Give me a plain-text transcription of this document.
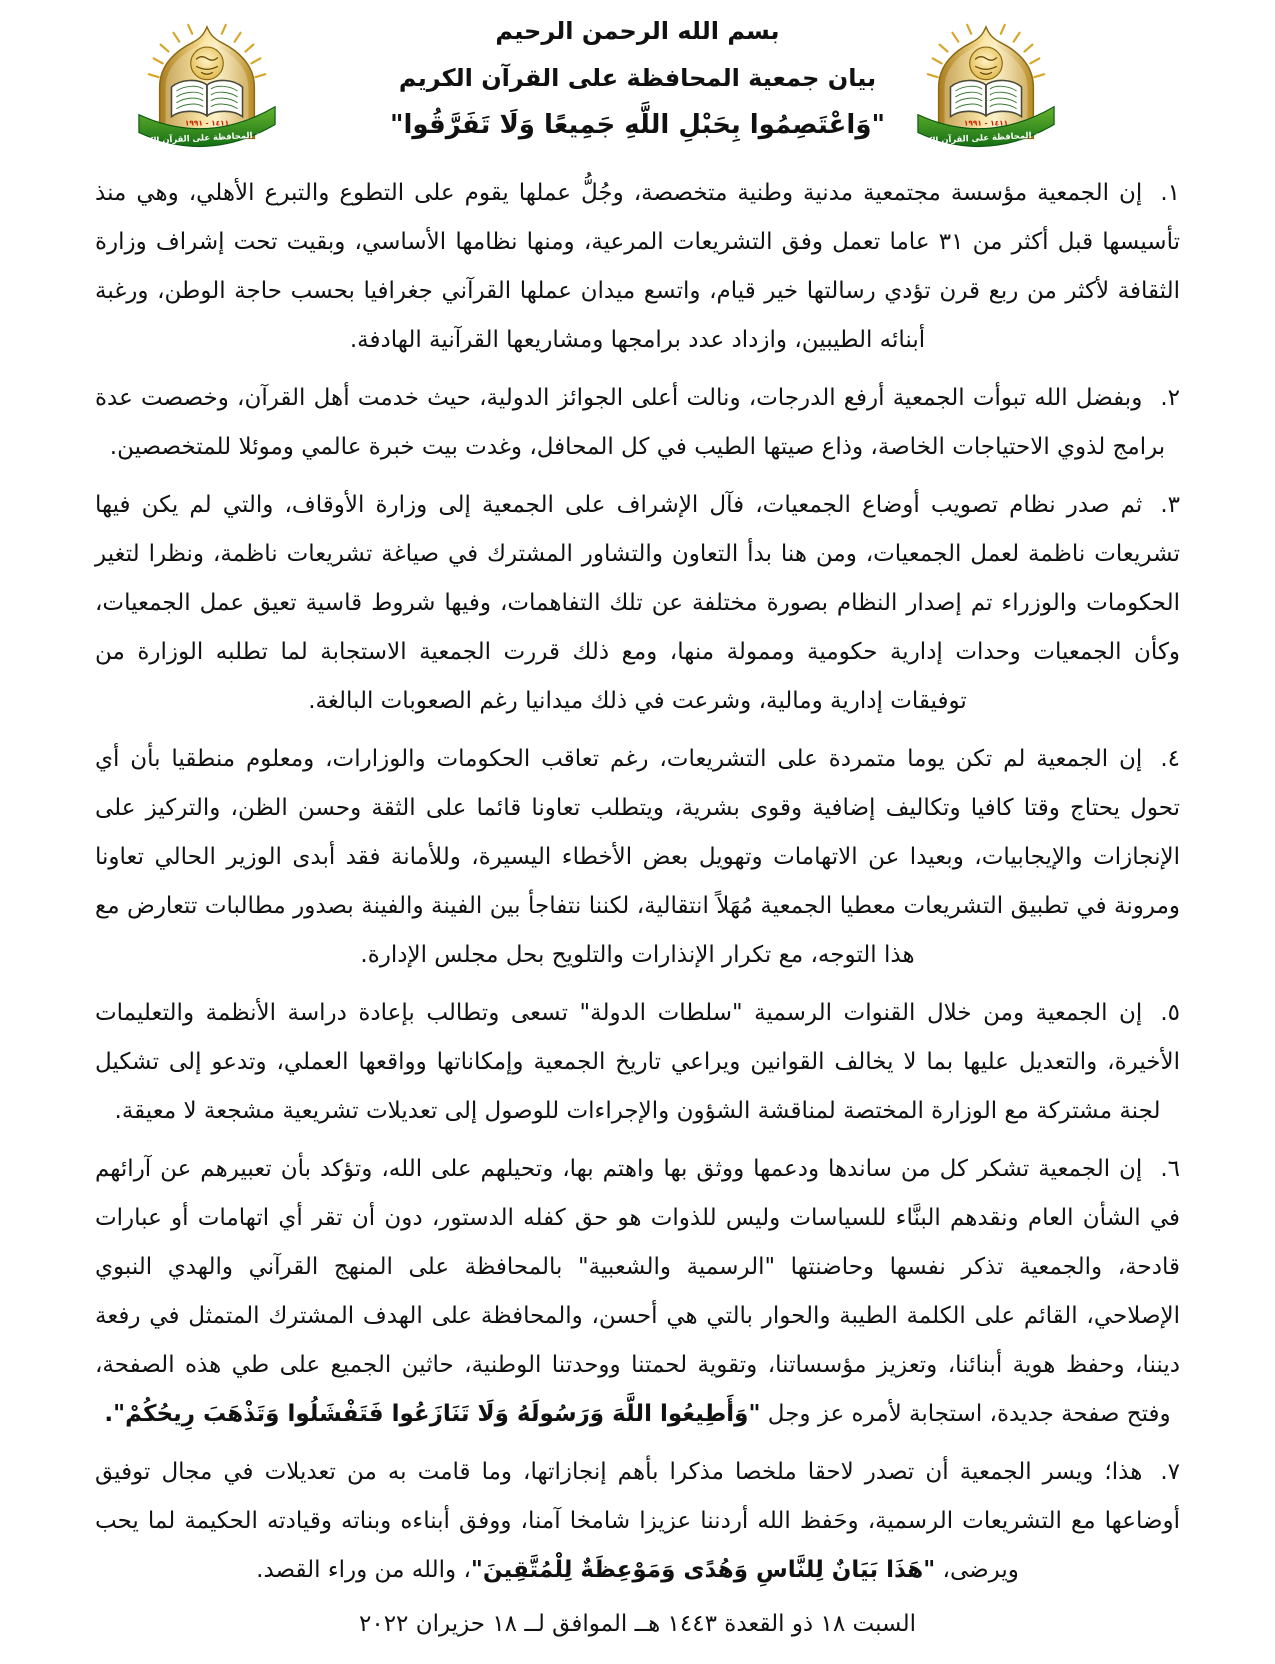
١٤١١ - ١٩٩١
جمعية المحافظة على القرآن الكريم
١٤١١ - ١٩٩١
جمعية المحافظة على القرآن الكريم
بسم الله الرحمن الرحيم
بيان جمعية المحافظة على القرآن الكريم
"وَاعْتَصِمُوا بِحَبْلِ اللَّهِ جَمِيعًا وَلَا تَفَرَّقُوا"
١.إن الجمعية مؤسسة مجتمعية مدنية وطنية متخصصة، وجُلُّ عملها يقوم على التطوع والتبرع الأهلي، وهي منذ تأسيسها قبل أكثر من ٣١ عاما تعمل وفق التشريعات المرعية، ومنها نظامها الأساسي، وبقيت تحت إشراف وزارة الثقافة لأكثر من ربع قرن تؤدي رسالتها خير قيام، واتسع ميدان عملها القرآني جغرافيا بحسب حاجة الوطن، ورغبة أبنائه الطيبين، وازداد عدد برامجها ومشاريعها القرآنية الهادفة.
٢.وبفضل الله تبوأت الجمعية أرفع الدرجات، ونالت أعلى الجوائز الدولية، حيث خدمت أهل القرآن، وخصصت عدة برامج لذوي الاحتياجات الخاصة، وذاع صيتها الطيب في كل المحافل، وغدت بيت خبرة عالمي وموئلا للمتخصصين.
٣.ثم صدر نظام تصويب أوضاع الجمعيات، فآل الإشراف على الجمعية إلى وزارة الأوقاف، والتي لم يكن فيها تشريعات ناظمة لعمل الجمعيات، ومن هنا بدأ التعاون والتشاور المشترك في صياغة تشريعات ناظمة، ونظرا لتغير الحكومات والوزراء تم إصدار النظام بصورة مختلفة عن تلك التفاهمات، وفيها شروط قاسية تعيق عمل الجمعيات، وكأن الجمعيات وحدات إدارية حكومية وممولة منها، ومع ذلك قررت الجمعية الاستجابة لما تطلبه الوزارة من توفيقات إدارية ومالية، وشرعت في ذلك ميدانيا رغم الصعوبات البالغة.
٤.إن الجمعية لم تكن يوما متمردة على التشريعات، رغم تعاقب الحكومات والوزارات، ومعلوم منطقيا بأن أي تحول يحتاج وقتا كافيا وتكاليف إضافية وقوى بشرية، ويتطلب تعاونا قائما على الثقة وحسن الظن، والتركيز على الإنجازات والإيجابيات، وبعيدا عن الاتهامات وتهويل بعض الأخطاء اليسيرة، وللأمانة فقد أبدى الوزير الحالي تعاونا ومرونة في تطبيق التشريعات معطيا الجمعية مُهَلاً انتقالية، لكننا نتفاجأ بين الفينة والفينة بصدور مطالبات تتعارض مع هذا التوجه، مع تكرار الإنذارات والتلويح بحل مجلس الإدارة.
٥.إن الجمعية ومن خلال القنوات الرسمية "سلطات الدولة" تسعى وتطالب بإعادة دراسة الأنظمة والتعليمات الأخيرة، والتعديل عليها بما لا يخالف القوانين ويراعي تاريخ الجمعية وإمكاناتها وواقعها العملي، وتدعو إلى تشكيل لجنة مشتركة مع الوزارة المختصة لمناقشة الشؤون والإجراءات للوصول إلى تعديلات تشريعية مشجعة لا معيقة.
٦.إن الجمعية تشكر كل من ساندها ودعمها ووثق بها واهتم بها، وتحيلهم على الله، وتؤكد بأن تعبيرهم عن آرائهم في الشأن العام ونقدهم البنَّاء للسياسات وليس للذوات هو حق كفله الدستور، دون أن تقر أي اتهامات أو عبارات قادحة، والجمعية تذكر نفسها وحاضنتها "الرسمية والشعبية" بالمحافظة على المنهج القرآني والهدي النبوي الإصلاحي، القائم على الكلمة الطيبة والحوار بالتي هي أحسن، والمحافظة على الهدف المشترك المتمثل في رفعة ديننا، وحفظ هوية أبنائنا، وتعزيز مؤسساتنا، وتقوية لحمتنا ووحدتنا الوطنية، حاثين الجميع على طي هذه الصفحة، وفتح صفحة جديدة، استجابة لأمره عز وجل "وَأَطِيعُوا اللَّهَ وَرَسُولَهُ وَلَا تَنَازَعُوا فَتَفْشَلُوا وَتَذْهَبَ رِيحُكُمْ".
٧.هذا؛ ويسر الجمعية أن تصدر لاحقا ملخصا مذكرا بأهم إنجازاتها، وما قامت به من تعديلات في مجال توفيق أوضاعها مع التشريعات الرسمية، وحَفظ الله أردننا عزيزا شامخا آمنا، ووفق أبناءه وبناته وقيادته الحكيمة لما يحب ويرضى، "هَذَا بَيَانٌ لِلنَّاسِ وَهُدًى وَمَوْعِظَةٌ لِلْمُتَّقِينَ"، والله من وراء القصد.
السبت ١٨ ذو القعدة ١٤٤٣ هــ الموافق لــ ١٨ حزيران ٢٠٢٢
